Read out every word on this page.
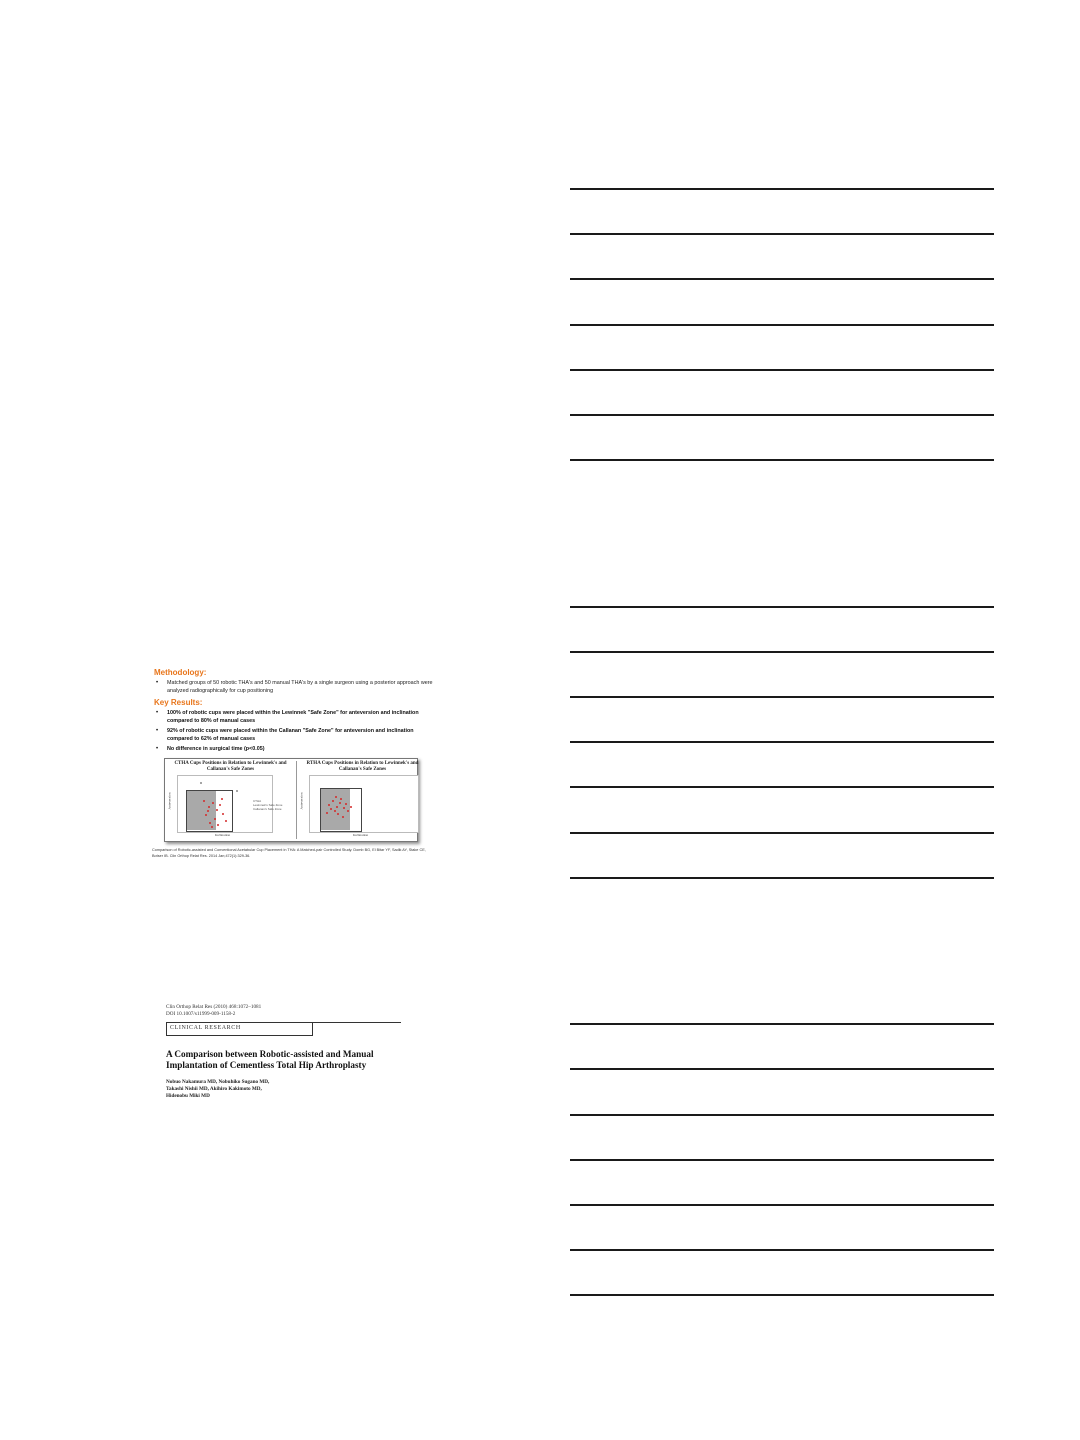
Methodology:
• Matched groups of 50 robotic THA's and 50 manual THA's by a single surgeon using a posterior approach were analyzed radiographically for cup positioning
Key Results:
• 100% of robotic cups were placed within the Lewinnek "Safe Zone" for anteversion and inclination compared to 80% of manual cases
• 92% of robotic cups were placed within the Callanan "Safe Zone" for anteversion and inclination compared to 62% of manual cases
• No difference in surgical time (p<0.05)
CTHA Cups Positions in Relation to Lewinnek's and Callanan's Safe Zones
Anteversion	CTHA
Lewinnek's Safe Zone
Callanan's Safe Zone
Inclination
RTHA Cups Positions in Relation to Lewinnek's and Callanan's Safe Zones
Anteversion
Inclination
Comparison of Robotic-assisted and Conventional Acetabular Cup Placement in THA: A Matched-pair Controlled Study. Domb BG, El Bitar YF, Sadik AY, Stake CE, Botser IB. Clin Orthop Relat Res. 2014 Jan;472(1):329-36.
Clin Orthop Relat Res (2010) 468:1072–1081
DOI 10.1007/s11999-009-1158-2
CLINICAL RESEARCH
A Comparison between Robotic-assisted and Manual Implantation of Cementless Total Hip Arthroplasty
Nobuo Nakamura MD, Nobuhiko Sugano MD,
Takashi Nishii MD, Akihiro Kakimoto MD,
Hidenobu Miki MD
